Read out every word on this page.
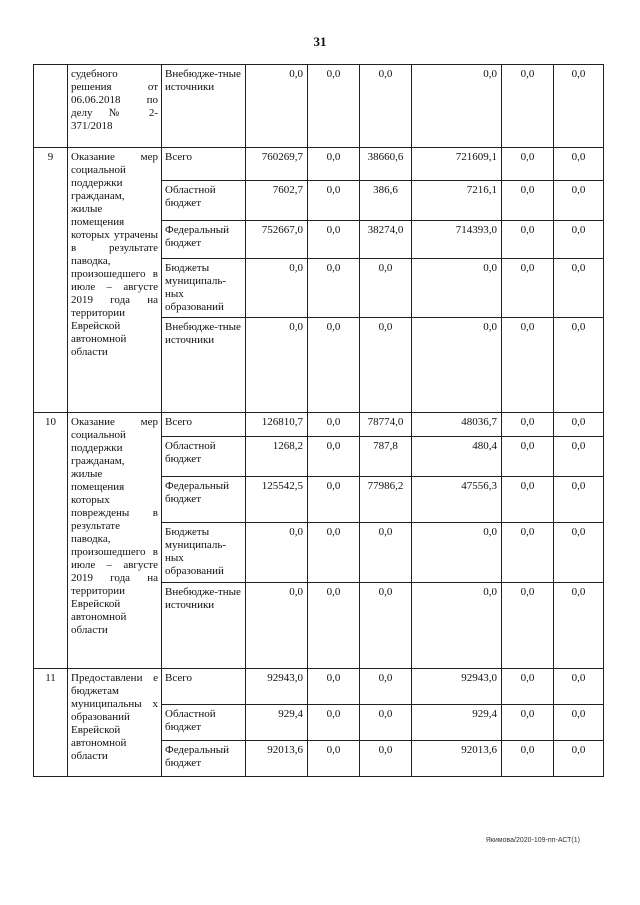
31
	судебного решения от 06.06.2018 по делу № 2-371/2018	Внебюдже-тные источники	0,0	0,0	0,0	0,0	0,0	0,0
9	Оказание мер социальной поддержки гражданам, жилые помещения которых утрачены в результате паводка, произошедшего в июле – августе 2019 года на территории Еврейской автономной области	Всего	760269,7	0,0	38660,6	721609,1	0,0	0,0
		Областной бюджет	7602,7	0,0	386,6	7216,1	0,0	0,0
		Федеральный бюджет	752667,0	0,0	38274,0	714393,0	0,0	0,0
		Бюджеты муниципаль-ных образований	0,0	0,0	0,0	0,0	0,0	0,0
		Внебюдже-тные источники	0,0	0,0	0,0	0,0	0,0	0,0
10	Оказание мер социальной поддержки гражданам, жилые помещения которых повреждены в результате паводка, произошедшего в июле – августе 2019 года на территории Еврейской автономной области	Всего	126810,7	0,0	78774,0	48036,7	0,0	0,0
		Областной бюджет	1268,2	0,0	787,8	480,4	0,0	0,0
		Федеральный бюджет	125542,5	0,0	77986,2	47556,3	0,0	0,0
		Бюджеты муниципаль-ных образований	0,0	0,0	0,0	0,0	0,0	0,0
		Внебюдже-тные источники	0,0	0,0	0,0	0,0	0,0	0,0
11	Предоставлени е бюджетам муниципальны х образований Еврейской автономной области	Всего	92943,0	0,0	0,0	92943,0	0,0	0,0
		Областной бюджет	929,4	0,0	0,0	929,4	0,0	0,0
		Федеральный бюджет	92013,6	0,0	0,0	92013,6	0,0	0,0
Якимова/2020-109-пп-АСТ(1)
